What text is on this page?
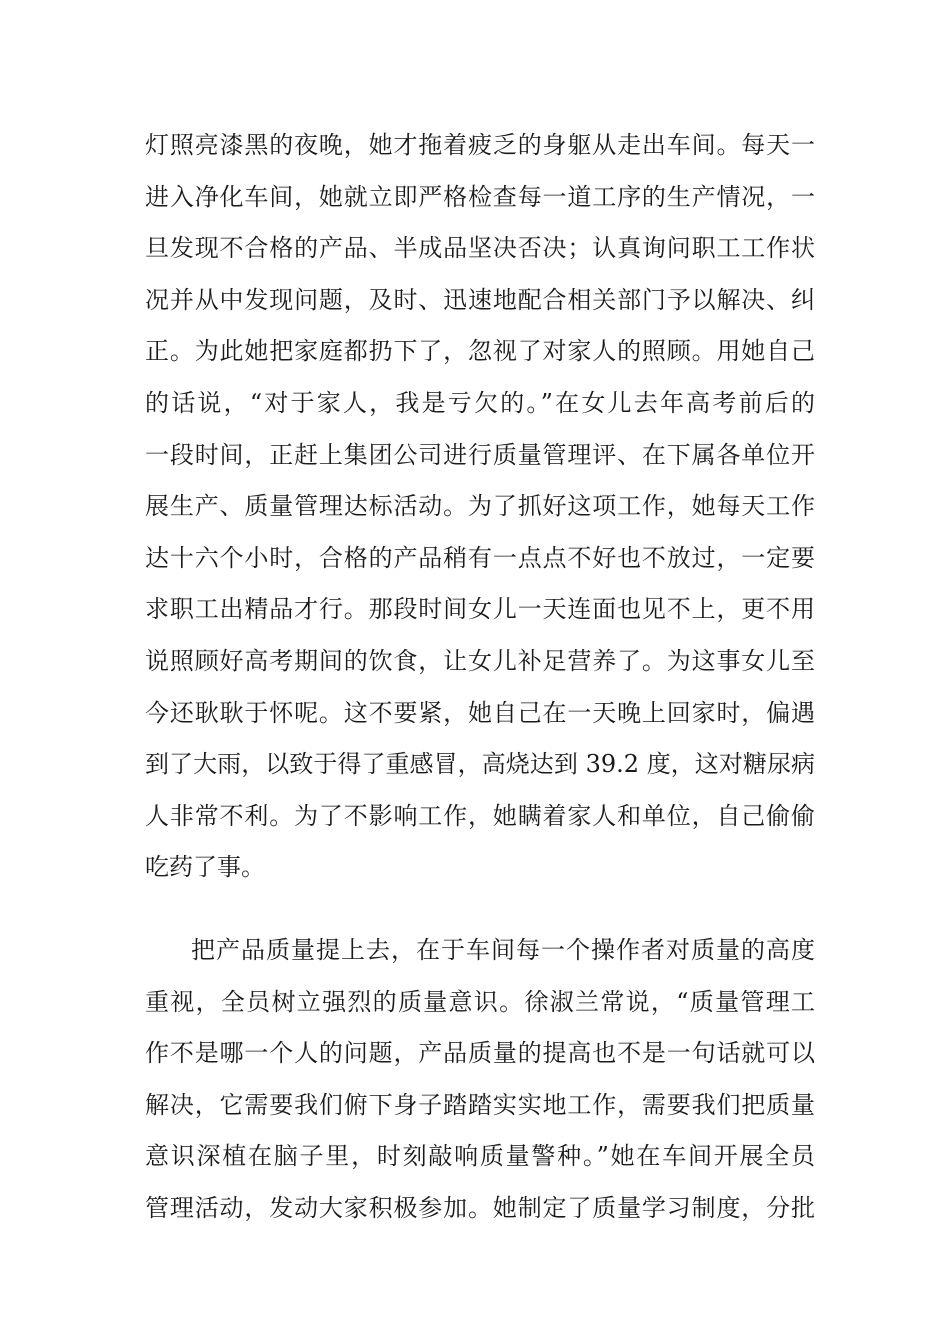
灯照亮漆黑的夜晚，她才拖着疲乏的身躯从走出车间。每天一
进入净化车间，她就立即严格检查每一道工序的生产情况，一
旦发现不合格的产品、半成品坚决否决；认真询问职工工作状
况并从中发现问题，及时、迅速地配合相关部门予以解决、纠
正。为此她把家庭都扔下了，忽视了对家人的照顾。用她自己
的话说，“对于家人，我是亏欠的。”在女儿去年高考前后的
一段时间，正赶上集团公司进行质量管理评、在下属各单位开
展生产、质量管理达标活动。为了抓好这项工作，她每天工作
达十六个小时，合格的产品稍有一点点不好也不放过，一定要
求职工出精品才行。那段时间女儿一天连面也见不上，更不用
说照顾好高考期间的饮食，让女儿补足营养了。为这事女儿至
今还耿耿于怀呢。这不要紧，她自己在一天晚上回家时，偏遇
到了大雨，以致于得了重感冒，高烧达到 39.2 度，这对糖尿病
人非常不利。为了不影响工作，她瞒着家人和单位，自己偷偷
吃药了事。
把产品质量提上去，在于车间每一个操作者对质量的高度
重视，全员树立强烈的质量意识。徐淑兰常说，“质量管理工
作不是哪一个人的问题，产品质量的提高也不是一句话就可以
解决，它需要我们俯下身子踏踏实实地工作，需要我们把质量
意识深植在脑子里，时刻敲响质量警种。”她在车间开展全员
管理活动，发动大家积极参加。她制定了质量学习制度，分批
